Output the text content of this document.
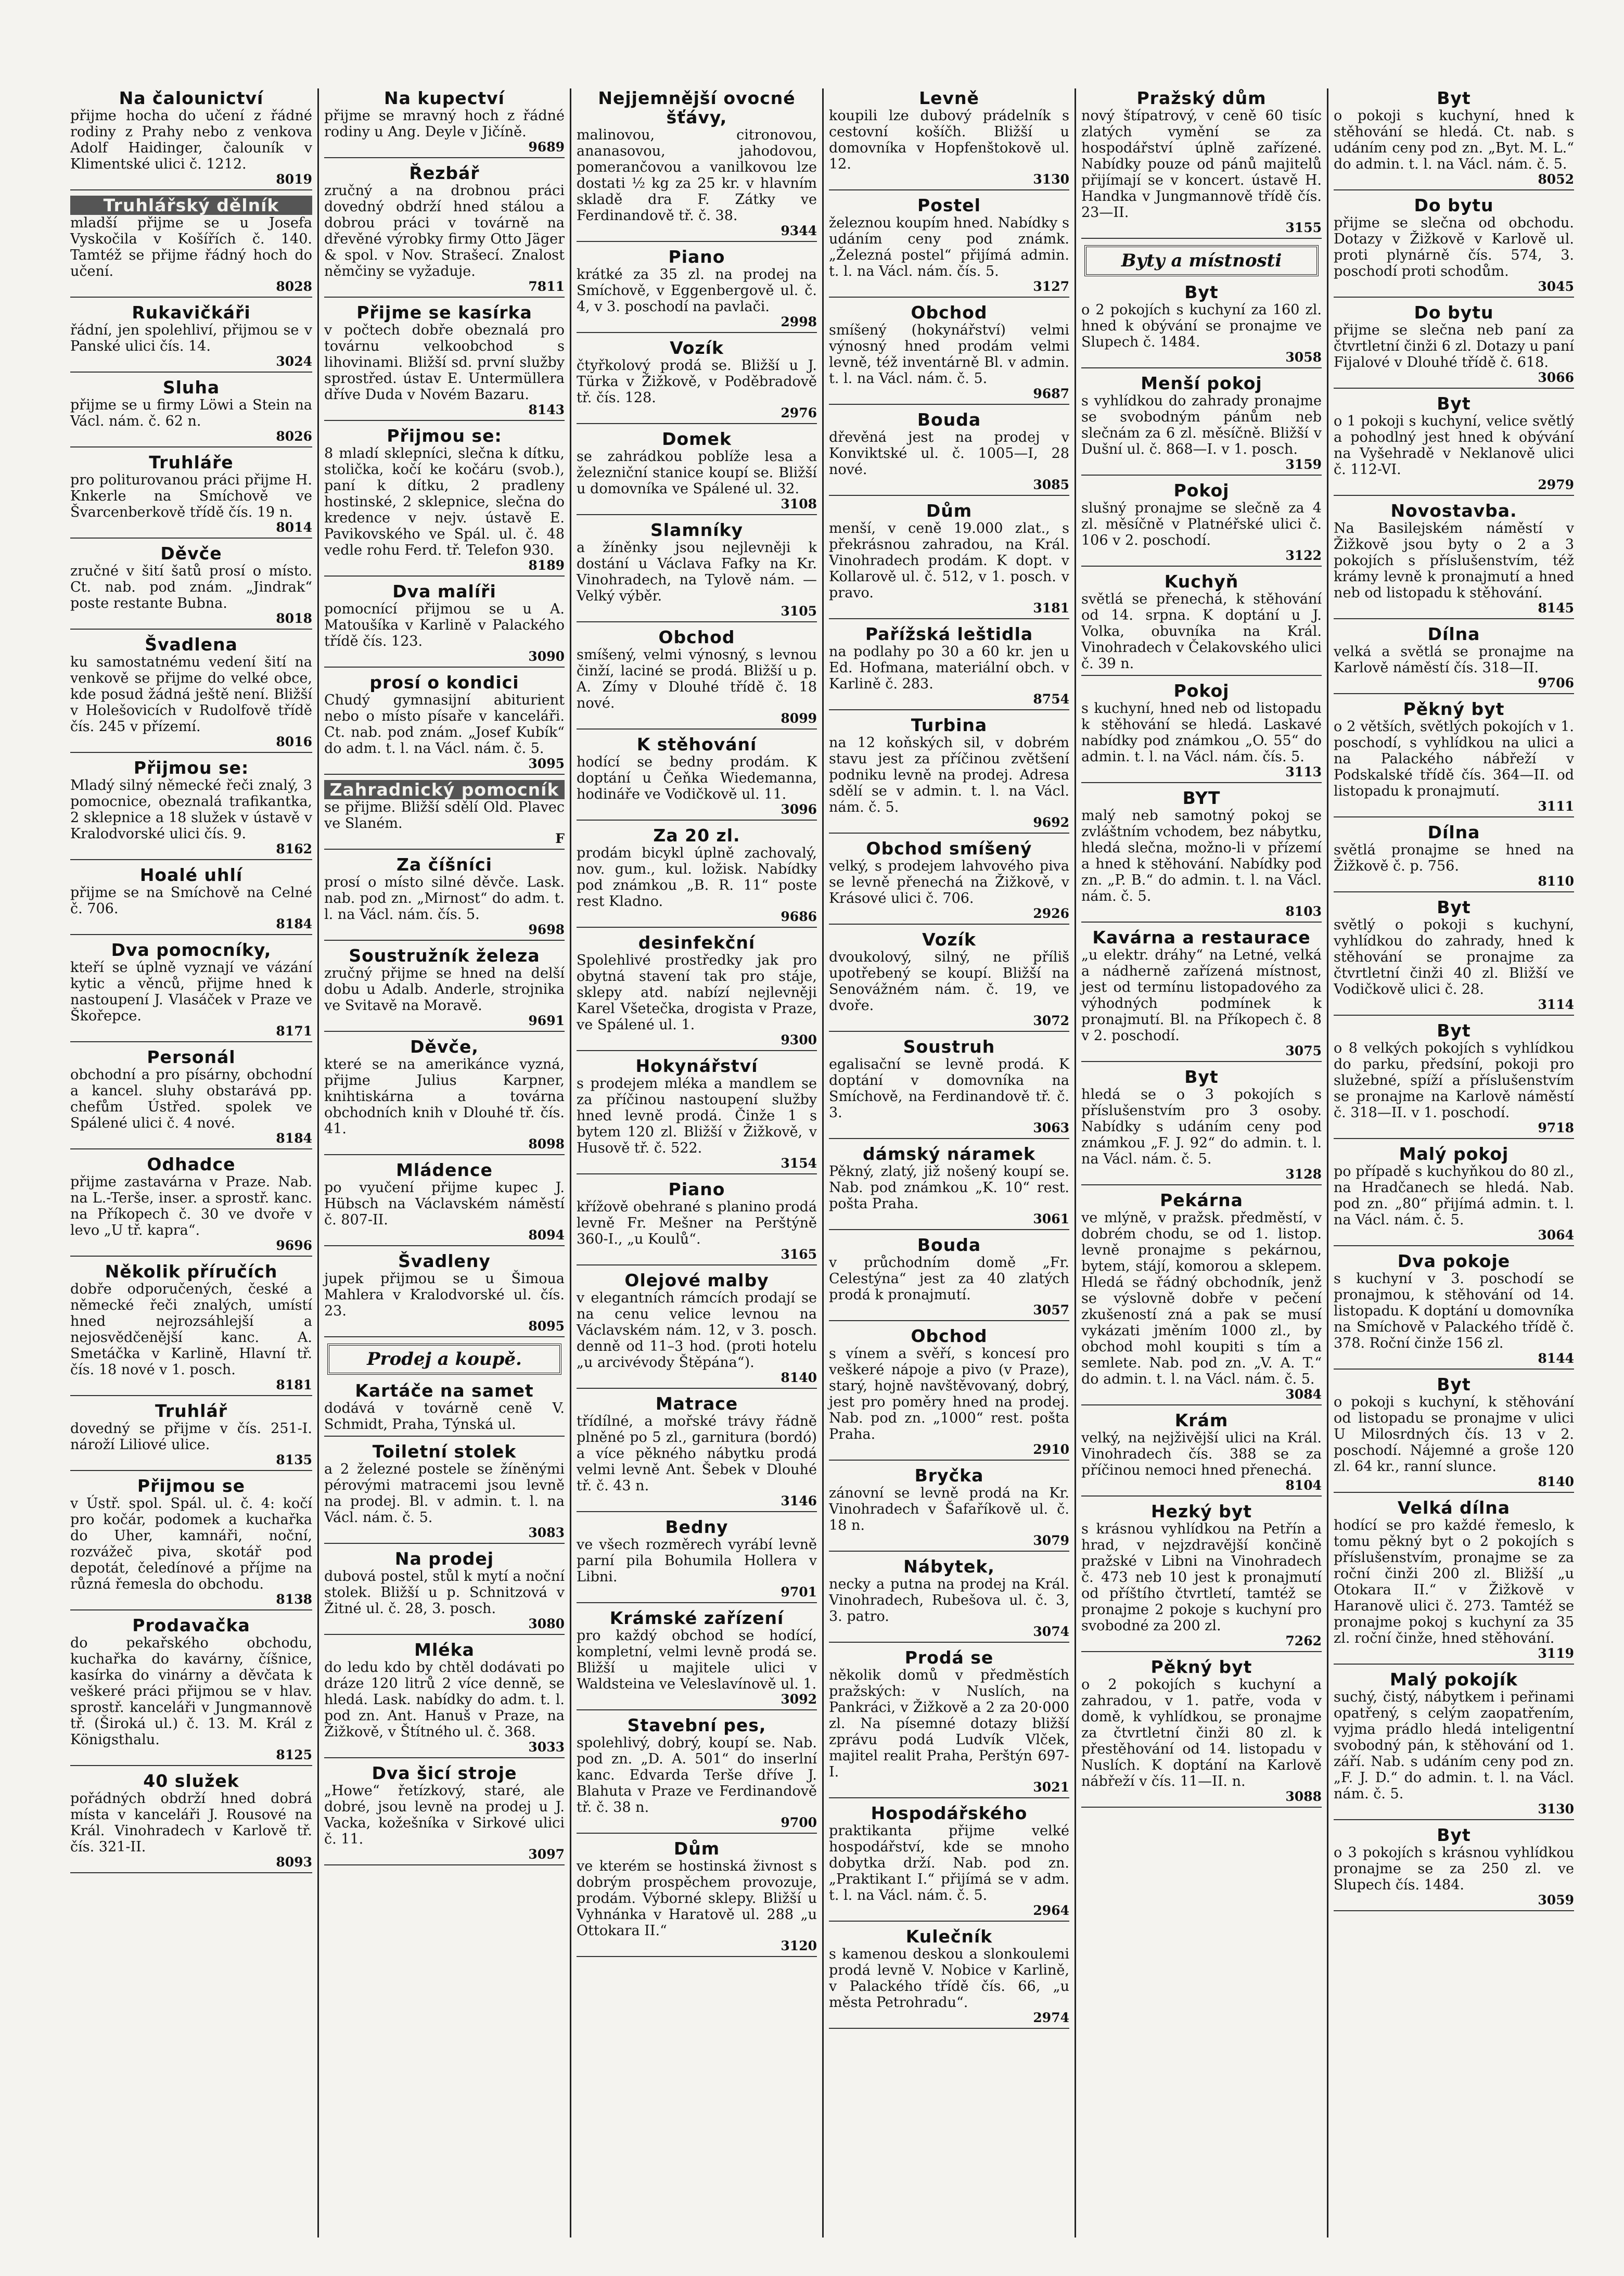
Na čalounictví
přijme hocha do učení z řádné rodiny z Prahy nebo z venkova Adolf Haidinger, čalouník v Klimentské ulici č. 1212.
8019
Truhlářský dělník
mladší přijme se u Josefa Vyskočila v Košířích č. 140. Tamtéž se přijme řádný hoch do učení.
8028
Rukavičkáři
řádní, jen spolehliví, přijmou se v Panské ulici čís. 14.
3024
Sluha
přijme se u firmy Löwi a Stein na Václ. nám. č. 62 n.
8026
Truhláře
pro politurovanou práci přijme H. Knkerle na Smíchově ve Švarcenberkově třídě čís. 19 n.
8014
Děvče
zručné v šití šatů prosí o místo. Ct. nab. pod znám. „Jindrak“ poste restante Bubna.
8018
Švadlena
ku samostatnému vedení šití na venkově se přijme do velké obce, kde posud žádná ještě není. Bližší v Holešovicích v Rudolfově třídě čís. 245 v přízemí.
8016
Přijmou se:
Mladý silný německé řeči znalý, 3 pomocnice, obeznalá trafikantka, 2 sklepnice a 18 služek v ústavě v Kralodvorské ulici čís. 9.
8162
Hoalé uhlí
přijme se na Smíchově na Celné č. 706.
8184
Dva pomocníky,
kteří se úplně vyznají ve vázání kytic a věnců, přijme hned k nastoupení J. Vlasáček v Praze ve Škořepce.
8171
Personál
obchodní a pro písárny, obchodní a kancel. sluhy obstarává pp. chefům Ústřed. spolek ve Spálené ulici č. 4 nové.
8184
Odhadce
přijme zastavárna v Praze. Nab. na L.-Terše, inser. a sprostř. kanc. na Příkopech č. 30 ve dvoře v levo „U tř. kapra“.
9696
Několik příručích
dobře odporučených, české a německé řeči znalých, umístí hned nejrozsáhlejší a nejosvědčenější kanc. A. Smetáčka v Karlině, Hlavní tř. čís. 18 nové v 1. posch.
8181
Truhlář
dovedný se přijme v čís. 251-I. nároží Liliové ulice.
8135
Přijmou se
v Ústř. spol. Spál. ul. č. 4: kočí pro kočár, podomek a kuchařka do Uher, kamnáři, noční, rozvážeč piva, skotář pod depotát, čeledínové a příjme na různá řemesla do obchodu.
8138
Prodavačka
do pekařského obchodu, kuchařka do kavárny, číšnice, kasírka do vinárny a děvčata k veškeré práci přijmou se v hlav. sprostř. kanceláři v Jungmannově tř. (Široká ul.) č. 13. M. Král z Königsthalu.
8125
40 služek
pořádných obdrží hned dobrá místa v kanceláři J. Rousové na Král. Vinohradech v Karlově tř. čís. 321-II.
8093
Na kupectví
přijme se mravný hoch z řádné rodiny u Ang. Deyle v Jičíně.
9689
Řezbář
zručný a na drobnou práci dovedný obdrží hned stálou a dobrou práci v továrně na dřevěné výrobky firmy Otto Jäger & spol. v Nov. Strašecí. Znalost němčiny se vyžaduje.
7811
Přijme se kasírka
v počtech dobře obeznalá pro továrnu velkoobchod s lihovinami. Bližší sd. první služby sprostřed. ústav E. Untermüllera dříve Duda v Novém Bazaru.
8143
Přijmou se:
8 mladí sklepníci, slečna k dítku, stolička, kočí ke kočáru (svob.), paní k dítku, 2 pradleny hostinské, 2 sklepnice, slečna do kredence v nejv. ústavě E. Pavikovského ve Spál. ul. č. 48 vedle rohu Ferd. tř. Telefon 930.
8189
Dva malíři
pomocnící přijmou se u A. Matoušíka v Karlině v Palackého třídě čís. 123.
3090
prosí o kondici
Chudý gymnasijní abiturient nebo o místo písaře v kanceláři. Ct. nab. pod znám. „Josef Kubík“ do adm. t. l. na Václ. nám. č. 5.
3095
Zahradnický pomocník
se přijme. Bližší sdělí Old. Plavec ve Slaném.
F
Za číšníci
prosí o místo silné děvče. Lask. nab. pod zn. „Mirnost“ do adm. t. l. na Václ. nám. čís. 5.
9698
Soustružník železa
zručný přijme se hned na delší dobu u Adalb. Anderle, strojnika ve Svitavě na Moravě.
9691
Děvče,
které se na amerikánce vyzná, přijme Julius Karpner, knihtiskárna a továrna obchodních knih v Dlouhé tř. čís. 41.
8098
Mládence
po vyučení přijme kupec J. Hübsch na Václavském náměstí č. 807-II.
8094
Švadleny
jupek přijmou se u Šimoua Mahlera v Kralodvorské ul. čís. 23.
8095
Prodej a koupě.
Kartáče na samet
dodává v továrně ceně V. Schmidt, Praha, Týnská ul.
Toiletní stolek
a 2 železné postele se žíněnými pérovými matracemi jsou levně na prodej. Bl. v admin. t. l. na Václ. nám. č. 5.
3083
Na prodej
dubová postel, stůl k mytí a noční stolek. Bližší u p. Schnitzová v Žitné ul. č. 28, 3. posch.
3080
Mléka
do ledu kdo by chtěl dodávati po dráze 120 litrů 2 více denně, se hledá. Lask. nabídky do adm. t. l. pod zn. Ant. Hanuš v Praze, na Žižkově, v Štítného ul. č. 368.
3033
Dva šicí stroje
„Howe“ řetízkový, staré, ale dobré, jsou levně na prodej u J. Vacka, kožešníka v Sirkové ulici č. 11.
3097
Nejjemnější ovocné šťávy,
malinovou, citronovou, ananasovou, jahodovou, pomerančovou a vanilkovou lze dostati ½ kg za 25 kr. v hlavním skladě dra F. Zátky ve Ferdinandově tř. č. 38.
9344
Piano
krátké za 35 zl. na prodej na Smíchově, v Eggenbergově ul. č. 4, v 3. poschodí na pavlači.
2998
Vozík
čtyřkolový prodá se. Bližší u J. Türka v Žižkově, v Poděbradově tř. čís. 128.
2976
Domek
se zahrádkou poblíže lesa a železniční stanice koupí se. Bližší u domovníka ve Spálené ul. 32.
3108
Slamníky
a žíněnky jsou nejlevněji k dostání u Václava Fafky na Kr. Vinohradech, na Tylově nám. — Velký výběr.
3105
Obchod
smíšený, velmi výnosný, s levnou činží, laciné se prodá. Bližší u p. A. Zímy v Dlouhé třídě č. 18 nové.
8099
K stěhování
hodící se bedny prodám. K doptání u Čeňka Wiedemanna, hodináře ve Vodičkově ul. 11.
3096
Za 20 zl.
prodám bicykl úplně zachovalý, nov. gum., kul. ložisk. Nabídky pod známkou „B. R. 11“ poste rest Kladno.
9686
desinfekční
Spolehlivé prostředky jak pro obytná stavení tak pro stáje, sklepy atd. nabízí nejlevněji Karel Všetečka, drogista v Praze, ve Spálené ul. 1.
9300
Hokynářství
s prodejem mléka a mandlem se za příčinou nastoupení služby hned levně prodá. Činže 1 s bytem 120 zl. Bližší v Žižkově, v Husově tř. č. 522.
3154
Piano
křížově obehrané s planino prodá levně Fr. Mešner na Perštýně 360-I., „u Koulů“.
3165
Olejové malby
v elegantních rámcích prodají se na cenu velice levnou na Václavském nám. 12, v 3. posch. denně od 11–3 hod. (proti hotelu „u arcivévody Štěpána“).
8140
Matrace
třídílné, a mořské trávy řádně plněné po 5 zl., garnitura (bordó) a více pěkného nábytku prodá velmi levně Ant. Šebek v Dlouhé tř. č. 43 n.
3146
Bedny
ve všech rozměrech vyrábí levně parní pila Bohumila Hollera v Libni.
9701
Krámské zařízení
pro každý obchod se hodící, kompletní, velmi levně prodá se. Bližší u majitele ulici v Waldsteina ve Veleslavínově ul. 1.
3092
Stavební pes,
spolehlivý, dobrý, koupí se. Nab. pod zn. „D. A. 501“ do inserlní kanc. Edvarda Terše dříve J. Blahuta v Praze ve Ferdinandově tř. č. 38 n.
9700
Dům
ve kterém se hostinská živnost s dobrým prospěchem provozuje, prodám. Výborné sklepy. Bližší u Vyhnánka v Haratově ul. 288 „u Ottokara II.“
3120
Levně
koupili lze dubový prádelník s cestovní košíčh. Bližší u domovníka v Hopfenštokově ul. 12.
3130
Postel
železnou koupím hned. Nabídky s udáním ceny pod známk. „Železná postel“ přijímá admin. t. l. na Václ. nám. čís. 5.
3127
Obchod
smíšený (hokynářství) velmi výnosný hned prodám velmi levně, též inventárně Bl. v admin. t. l. na Václ. nám. č. 5.
9687
Bouda
dřevěná jest na prodej v Konviktské ul. č. 1005—I, 28 nové.
3085
Dům
menší, v ceně 19.000 zlat., s překrásnou zahradou, na Král. Vinohradech prodám. K dopt. v Kollarově ul. č. 512, v 1. posch. v pravo.
3181
Pařížská leštidla
na podlahy po 30 a 60 kr. jen u Ed. Hofmana, materiální obch. v Karlině č. 283.
8754
Turbina
na 12 koňských sil, v dobrém stavu jest za příčinou zvětšení podniku levně na prodej. Adresa sdělí se v admin. t. l. na Václ. nám. č. 5.
9692
Obchod smíšený
velký, s prodejem lahvového piva se levně přenechá na Žižkově, v Krásové ulici č. 706.
2926
Vozík
dvoukolový, silný, ne příliš upotřebený se koupí. Bližší na Senovážném nám. č. 19, ve dvoře.
3072
Soustruh
egalisační se levně prodá. K doptání v domovníka na Smíchově, na Ferdinandově tř. č. 3.
3063
dámský náramek
Pěkný, zlatý, již nošený koupí se. Nab. pod známkou „K. 10“ rest. pošta Praha.
3061
Bouda
v průchodním domě „Fr. Celestýna“ jest za 40 zlatých prodá k pronajmutí.
3057
Obchod
s vínem a svěří, s koncesí pro veškeré nápoje a pivo (v Praze), starý, hojně navštěvovaný, dobrý, jest pro poměry hned na prodej. Nab. pod zn. „1000“ rest. pošta Praha.
2910
Bryčka
zánovní se levně prodá na Kr. Vinohradech v Šafaříkově ul. č. 18 n.
3079
Nábytek,
necky a putna na prodej na Král. Vinohradech, Rubešova ul. č. 3, 3. patro.
3074
Prodá se
několik domů v předměstích pražských: v Nuslích, na Pankráci, v Žižkově a 2 za 20·000 zl. Na písemné dotazy bližší zprávu podá Ludvík Vlček, majitel realit Praha, Perštýn 697-I.
3021
Hospodářského
praktikanta přijme velké hospodářství, kde se mnoho dobytka drží. Nab. pod zn. „Praktikant I.“ přijímá se v adm. t. l. na Václ. nám. č. 5.
2964
Kulečník
s kamenou deskou a slonkoulemi prodá levně V. Nobice v Karlině, v Palackého třídě čís. 66, „u města Petrohradu“.
2974
Pražský dům
nový štípatrový, v ceně 60 tisíc zlatých vymění se za hospodářství úplně zařízené. Nabídky pouze od pánů majitelů přijímají se v koncert. ústavě H. Handka v Jungmannově třídě čís. 23—II.
3155
Byty a místnosti
Byt
o 2 pokojích s kuchyní za 160 zl. hned k obývání se pronajme ve Slupech č. 1484.
3058
Menší pokoj
s vyhlídkou do zahrady pronajme se svobodným pánům neb slečnám za 6 zl. měsíčně. Bližší v Dušní ul. č. 868—I. v 1. posch.
3159
Pokoj
slušný pronajme se slečně za 4 zl. měsíčně v Platnéřské ulici č. 106 v 2. poschodí.
3122
Kuchyň
světlá se přenechá, k stěhování od 14. srpna. K doptání u J. Volka, obuvníka na Král. Vinohradech v Čelakovského ulici č. 39 n.
Pokoj
s kuchyní, hned neb od listopadu k stěhování se hledá. Laskavé nabídky pod známkou „O. 55“ do admin. t. l. na Václ. nám. čís. 5.
3113
BYT
malý neb samotný pokoj se zvláštním vchodem, bez nábytku, hledá slečna, možno-li v přízemí a hned k stěhování. Nabídky pod zn. „P. B.“ do admin. t. l. na Václ. nám. č. 5.
8103
Kavárna a restaurace
„u elektr. dráhy“ na Letné, velká a nádherně zařízená místnost, jest od termínu listopadového za výhodných podmínek k pronajmutí. Bl. na Příkopech č. 8 v 2. poschodí.
3075
Byt
hledá se o 3 pokojích s příslušenstvím pro 3 osoby. Nabídky s udáním ceny pod známkou „F. J. 92“ do admin. t. l. na Václ. nám. č. 5.
3128
Pekárna
ve mlýně, v pražsk. předměstí, v dobrém chodu, se od 1. listop. levně pronajme s pekárnou, bytem, stájí, komorou a sklepem. Hledá se řádný obchodník, jenž se výslovně dobře v pečení zkušeností zná a pak se musí vykázati jměním 1000 zl., by obchod mohl koupiti s tím a semlete. Nab. pod zn. „V. A. T.“ do admin. t. l. na Václ. nám. č. 5.
3084
Krám
velký, na nejživější ulici na Král. Vinohradech čís. 388 se za příčinou nemoci hned přenechá.
8104
Hezký byt
s krásnou vyhlídkou na Petřín a hrad, v nejzdravější končině pražské v Libni na Vinohradech č. 473 neb 10 jest k pronajmutí od příštího čtvrtletí, tamtéž se pronajme 2 pokoje s kuchyní pro svobodné za 200 zl.
7262
Pěkný byt
o 2 pokojích s kuchyní a zahradou, v 1. patře, voda v domě, k vyhlídkou, se pronajme za čtvrtletní činži 80 zl. k přestěhování od 14. listopadu v Nuslích. K doptání na Karlově nábřeží v čís. 11—II. n.
3088
Byt
o pokoji s kuchyní, hned k stěhování se hledá. Ct. nab. s udáním ceny pod zn. „Byt. M. L.“ do admin. t. l. na Václ. nám. č. 5.
8052
Do bytu
přijme se slečna od obchodu. Dotazy v Žižkově v Karlově ul. proti plynárně čís. 574, 3. poschodí proti schodům.
3045
Do bytu
přijme se slečna neb paní za čtvrtletní činži 6 zl. Dotazy u paní Fijalové v Dlouhé třídě č. 618.
3066
Byt
o 1 pokoji s kuchyní, velice světlý a pohodlný jest hned k obývání na Vyšehradě v Neklanově ulici č. 112-VI.
2979
Novostavba.
Na Basilejském náměstí v Žižkově jsou byty o 2 a 3 pokojích s příslušenstvím, též krámy levně k pronajmutí a hned neb od listopadu k stěhování.
8145
Dílna
velká a světlá se pronajme na Karlově náměstí čís. 318—II.
9706
Pěkný byt
o 2 větších, světlých pokojích v 1. poschodí, s vyhlídkou na ulici a na Palackého nábřeží v Podskalské třídě čís. 364—II. od listopadu k pronajmutí.
3111
Dílna
světlá pronajme se hned na Žižkově č. p. 756.
8110
Byt
světlý o pokoji s kuchyní, vyhlídkou do zahrady, hned k stěhování se pronajme za čtvrtletní činži 40 zl. Bližší ve Vodičkově ulici č. 28.
3114
Byt
o 8 velkých pokojích s vyhlídkou do parku, předsíní, pokoji pro služebné, spíží a příslušenstvím se pronajme na Karlově náměstí č. 318—II. v 1. poschodí.
9718
Malý pokoj
po případě s kuchyňkou do 80 zl., na Hradčanech se hledá. Nab. pod zn. „80“ přijímá admin. t. l. na Václ. nám. č. 5.
3064
Dva pokoje
s kuchyní v 3. poschodí se pronajmou, k stěhování od 14. listopadu. K doptání u domovníka na Smíchově v Palackého třídě č. 378. Roční činže 156 zl.
8144
Byt
o pokoji s kuchyní, k stěhování od listopadu se pronajme v ulici U Milosrdných čís. 13 v 2. poschodí. Nájemné a groše 120 zl. 64 kr., ranní slunce.
8140
Velká dílna
hodící se pro každé řemeslo, k tomu pěkný byt o 2 pokojích s příslušenstvím, pronajme se za roční činži 200 zl. Bližší „u Otokara II.“ v Žižkově v Haranově ulici č. 273. Tamtéž se pronajme pokoj s kuchyní za 35 zl. roční činže, hned stěhování.
3119
Malý pokojík
suchý, čistý, nábytkem i peřinami opatřený, s celým zaopatřením, vyjma prádlo hledá inteligentní svobodný pán, k stěhování od 1. září. Nab. s udáním ceny pod zn. „F. J. D.“ do admin. t. l. na Václ. nám. č. 5.
3130
Byt
o 3 pokojích s krásnou vyhlídkou pronajme se za 250 zl. ve Slupech čís. 1484.
3059
